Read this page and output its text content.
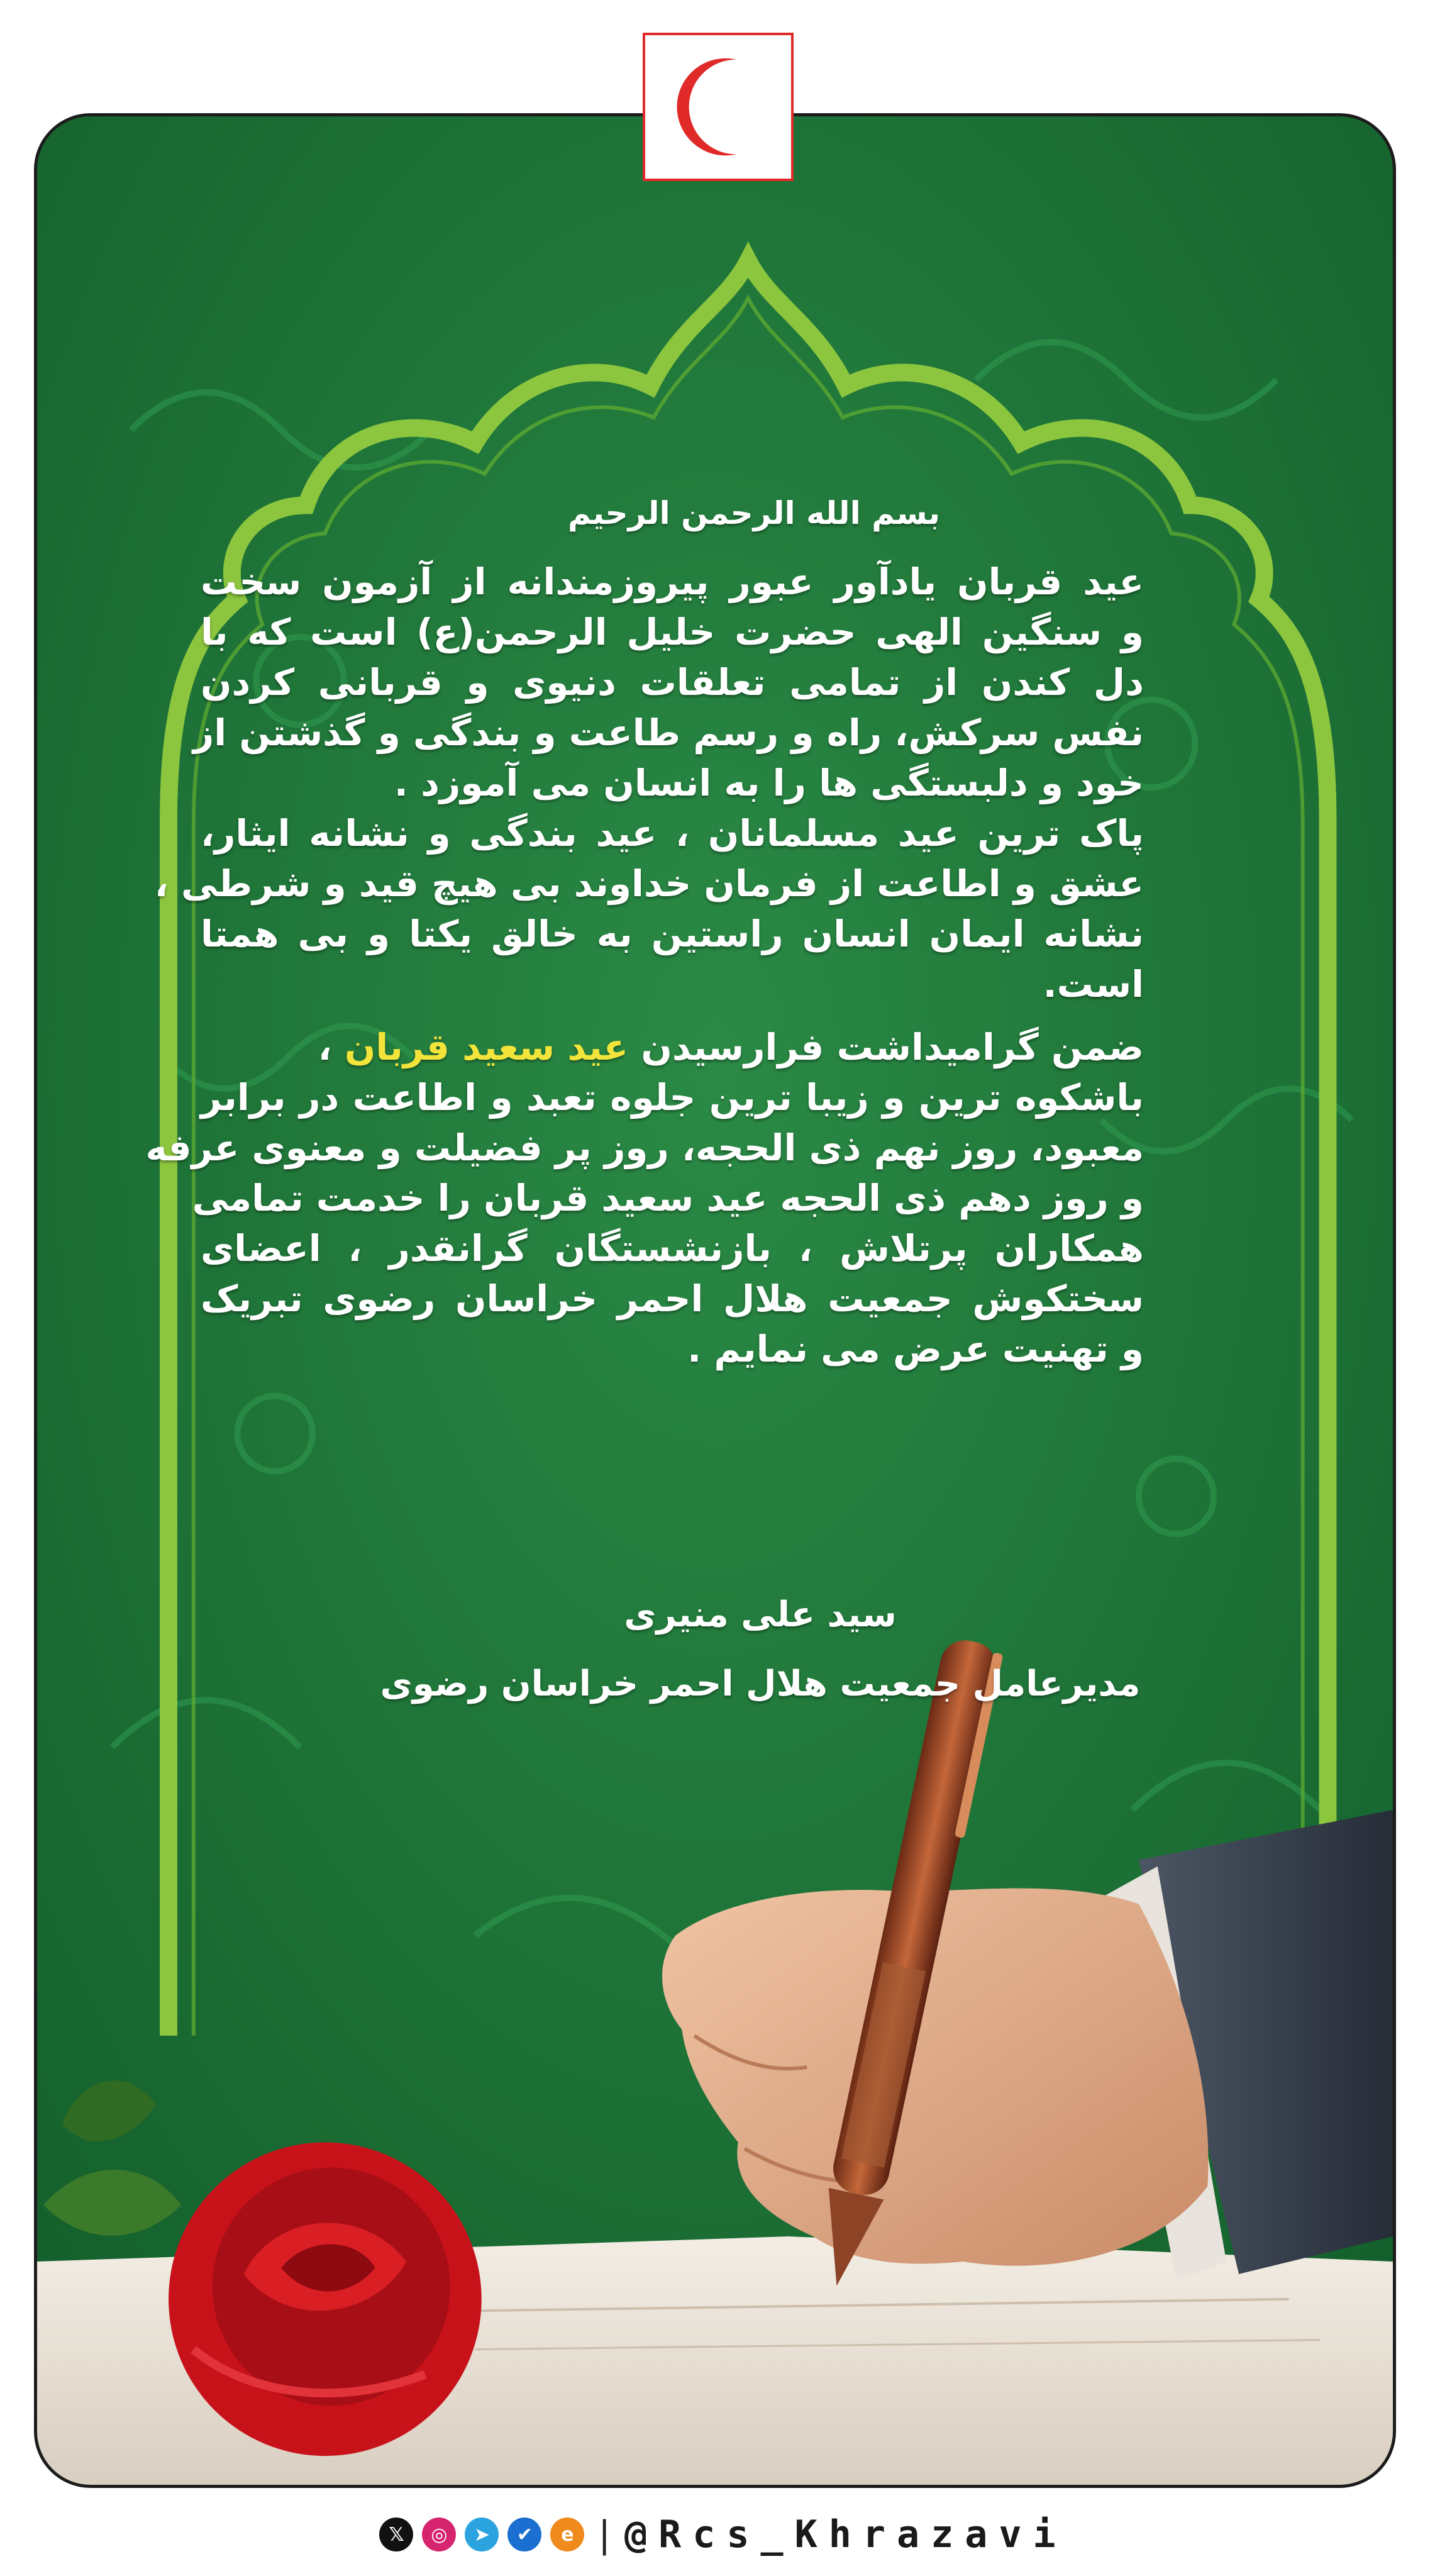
بسم الله الرحمن الرحیم
عید قربان یادآور عبور پیروزمندانه از آزمون سخت
و سنگین الهی حضرت خلیل الرحمن(ع) است که با
دل کندن از تمامی تعلقات دنیوی و قربانی کردن
نفس سرکش، راه و رسم طاعت و بندگی و گذشتن از
خود و دلبستگی ها را به انسان می آموزد .
پاک ترین عید مسلمانان ، عید بندگی و نشانه ایثار،
عشق و اطاعت از فرمان خداوند بی هیچ قید و شرطی ،
نشانه ایمان انسان راستین به خالق یکتا و بی همتا
است.
ضمن گرامیداشت فرارسیدن عید سعید قربان ،
باشکوه ترین و زیبا ترین جلوه تعبد و اطاعت در برابر
معبود، روز نهم ذی الحجه، روز پر فضیلت و معنوی عرفه
و روز دهم ذی الحجه عید سعید قربان را خدمت تمامی
همکاران پرتلاش ، بازنشستگان گرانقدر ، اعضای
سختکوش جمعیت هلال احمر خراسان رضوی تبریک
و تهنیت عرض می نمایم .
سید علی منیری
مدیرعامل جمعیت هلال احمر خراسان رضوی
𝕏	◎	➤	✔	e | @Rcs_Khrazavi
